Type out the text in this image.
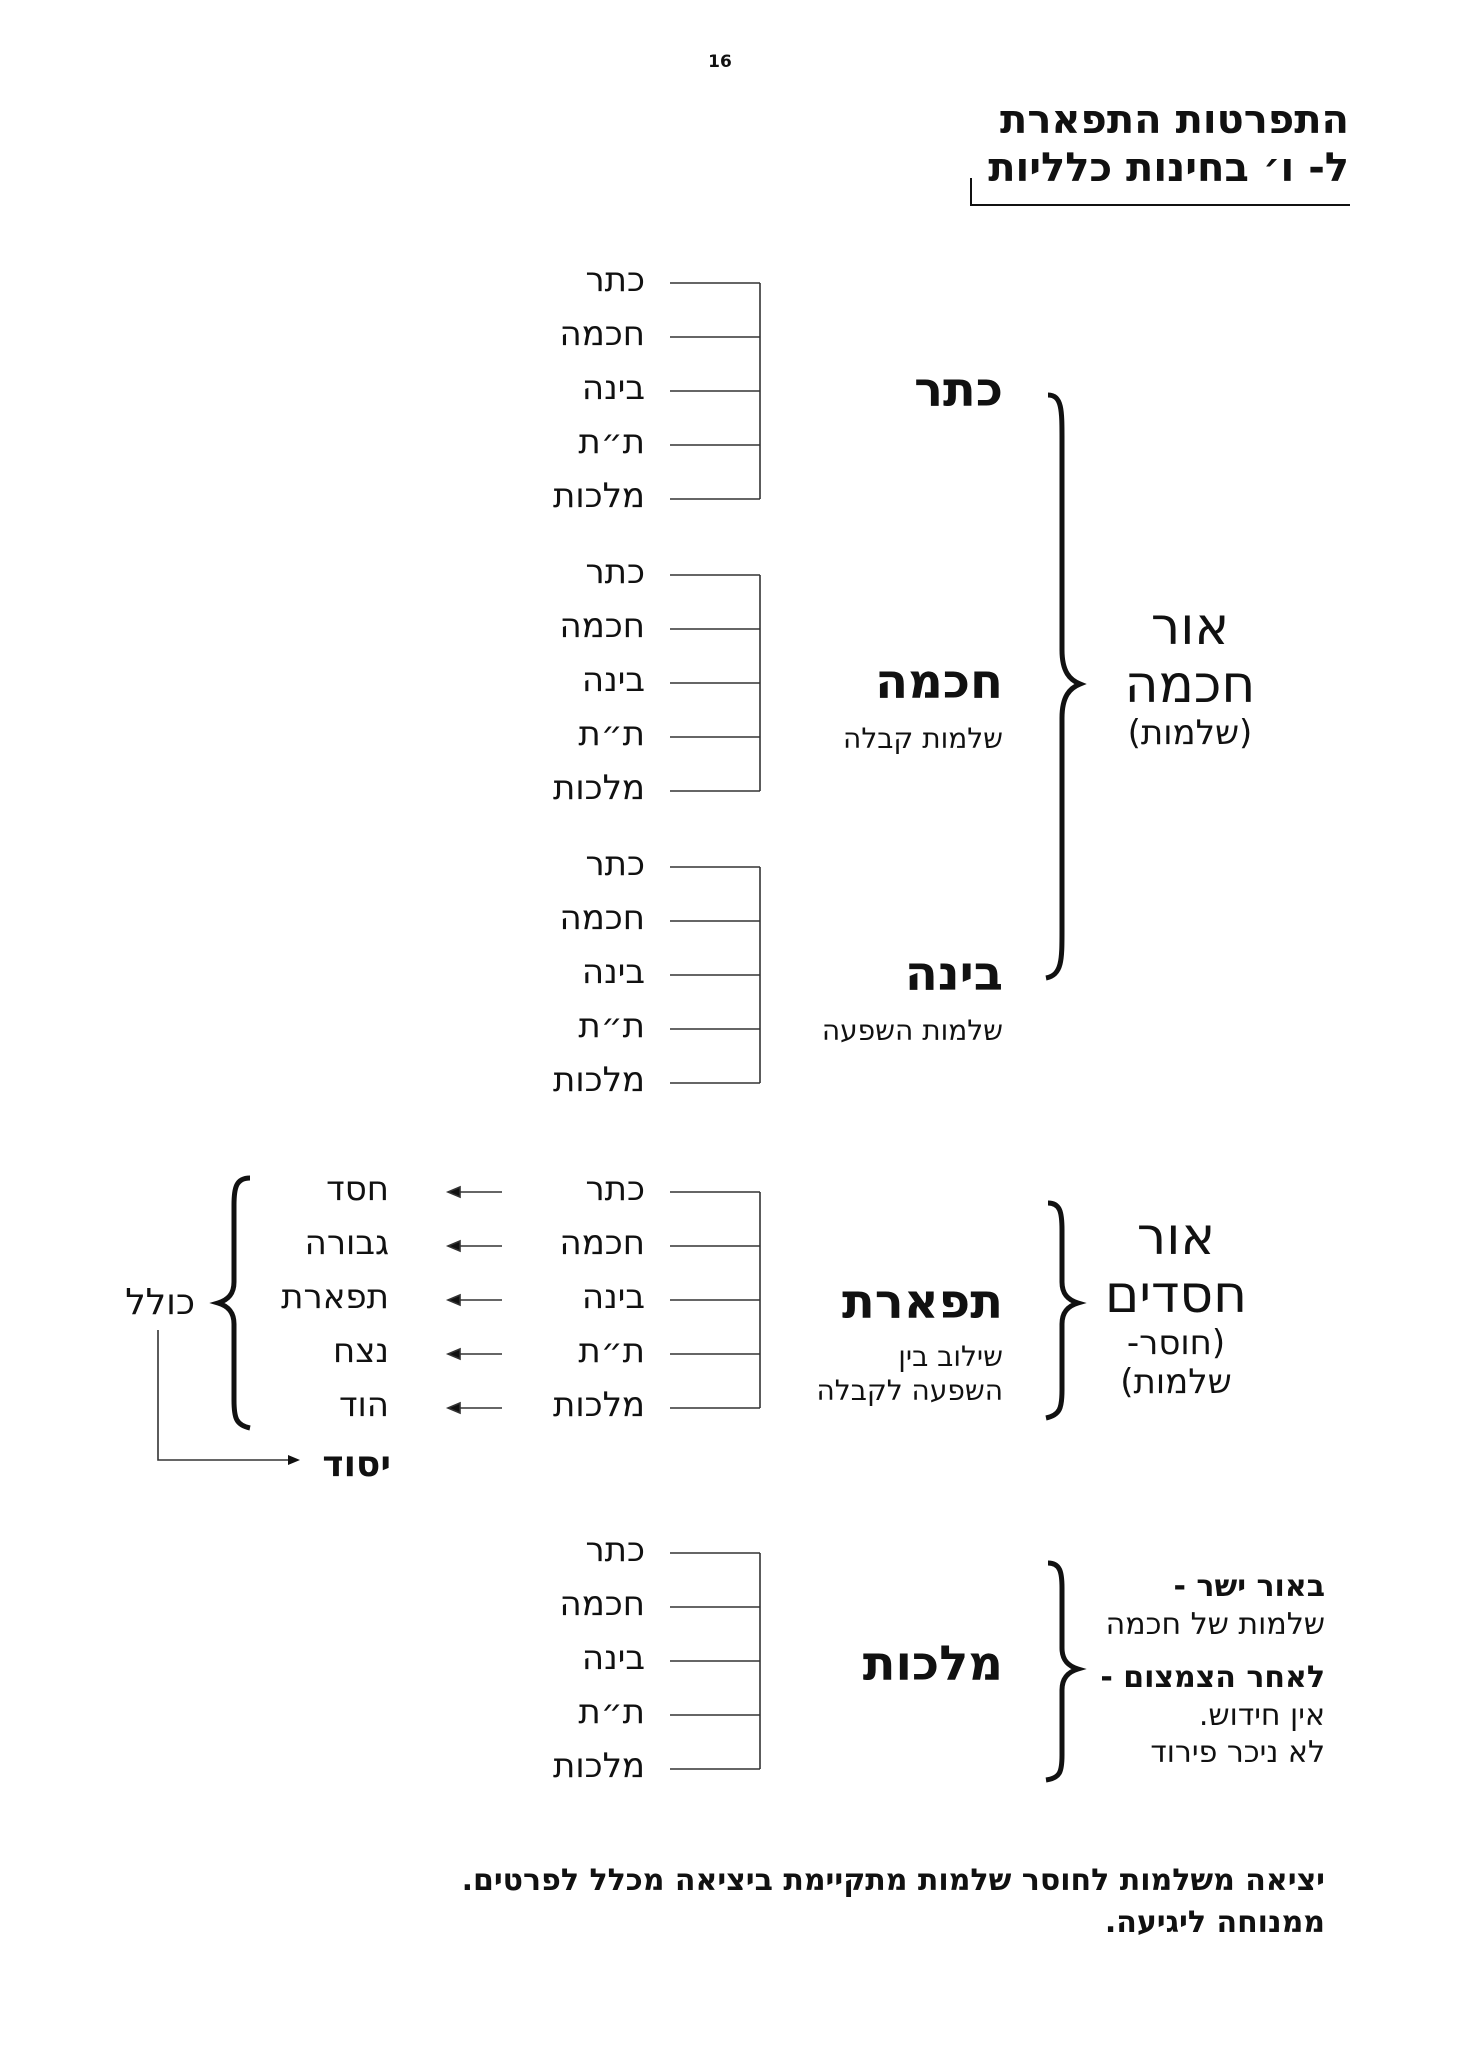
16
התפרטות התפארת
ל- ו׳ בחינות כלליות
כתר
חכמה
בינה
ת״ת
מלכות
כתר
חכמה
בינה
ת״ת
מלכות
כתר
חכמה
בינה
ת״ת
מלכות
כתר
חכמה
בינה
ת״ת
מלכות
כתר
חכמה
בינה
ת״ת
מלכות
כתר
חכמה
שלמות קבלה
בינה
שלמות השפעה
תפארת
שילוב בין
השפעה לקבלה
מלכות
אור
חכמה
(שלמות)
אור
חסדים
(חוסר-
שלמות)
חסד
גבורה
תפארת
נצח
הוד
כולל
יסוד
באור ישר -
שלמות של חכמה
לאחר הצמצום -
אין חידוש.
לא ניכר פירוד
יציאה משלמות לחוסר שלמות מתקיימת ביציאה מכלל לפרטים.
ממנוחה ליגיעה.
